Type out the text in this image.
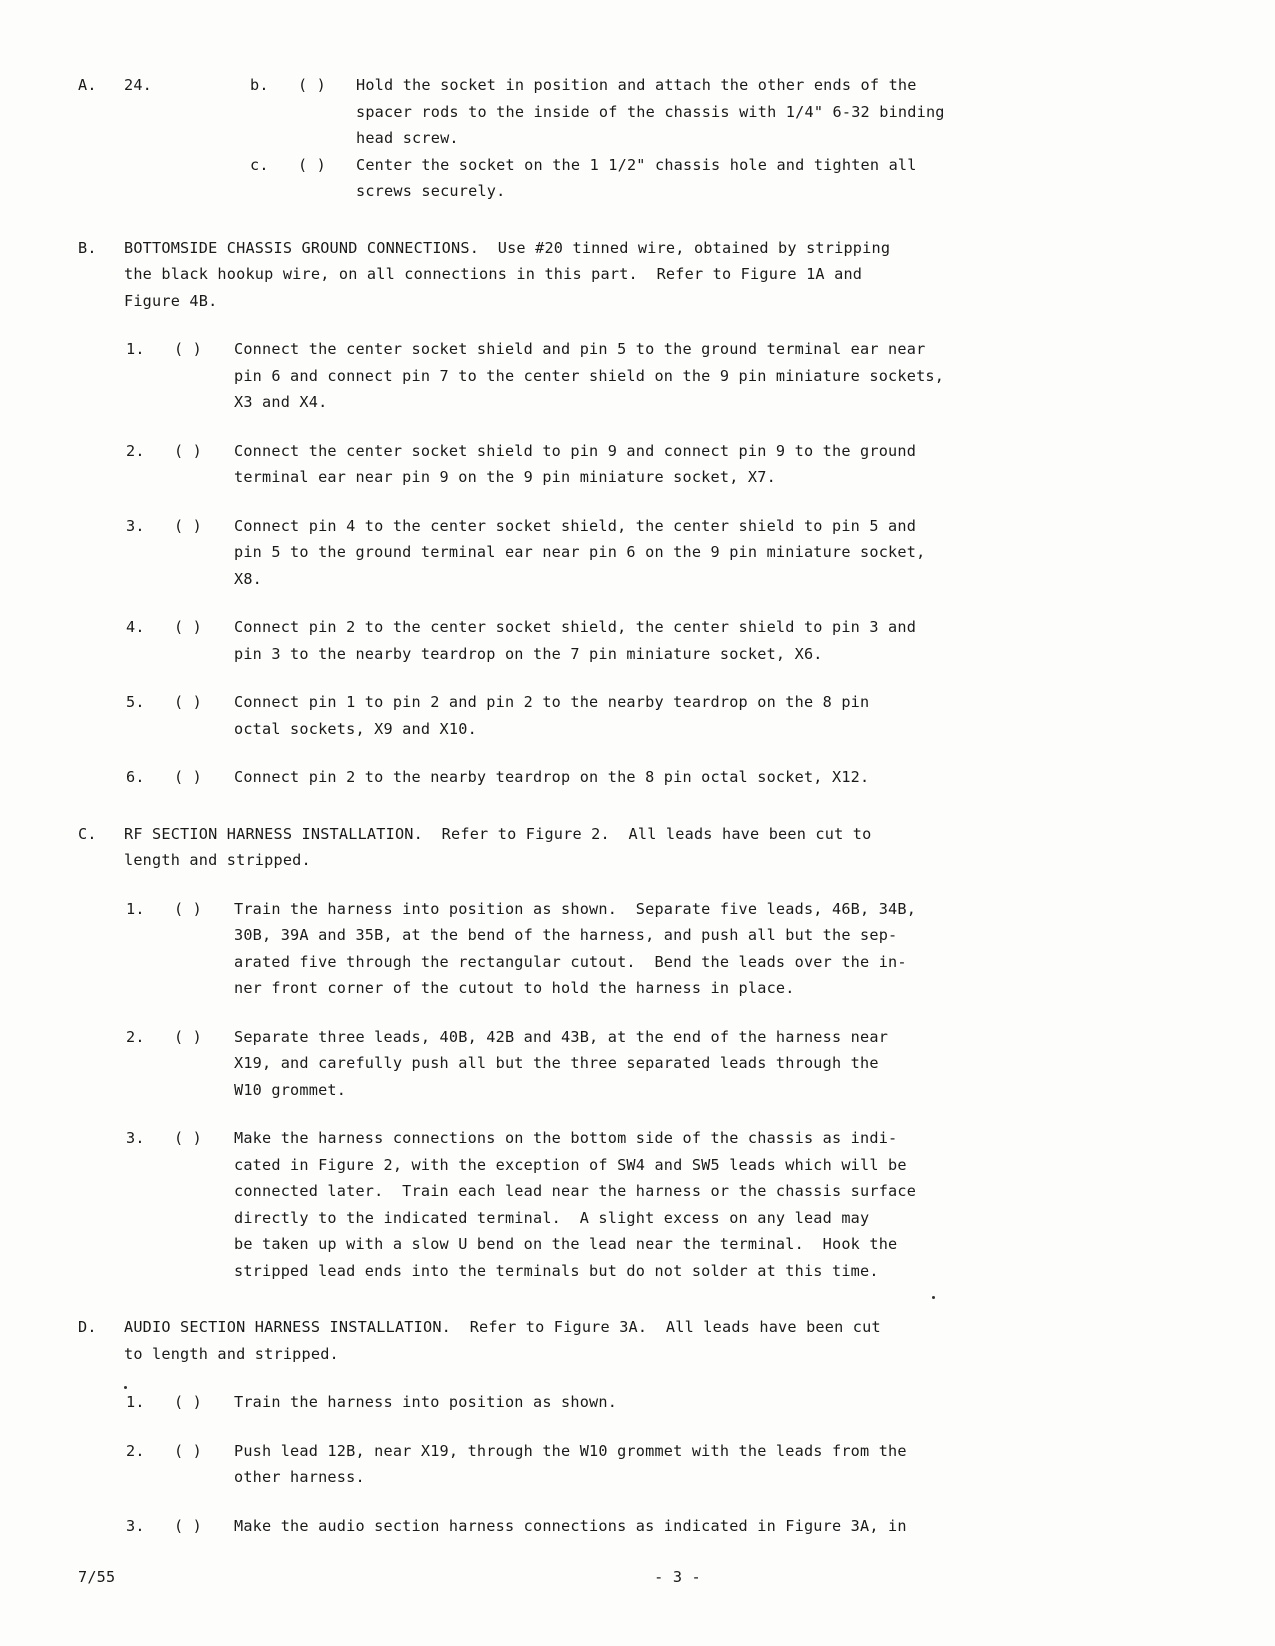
A.	24.	b.	( )	Hold the socket in position and attach the other ends of the
spacer rods to the inside of the chassis with 1/4" 6-32 binding
head screw.
c.	( )	Center the socket on the 1 1/2" chassis hole and tighten all
screws securely.
B.	BOTTOMSIDE CHASSIS GROUND CONNECTIONS.  Use #20 tinned wire, obtained by stripping
the black hookup wire, on all connections in this part.  Refer to Figure 1A and
Figure 4B.
1.	( )	Connect the center socket shield and pin 5 to the ground terminal ear near
pin 6 and connect pin 7 to the center shield on the 9 pin miniature sockets,
X3 and X4.
2.	( )	Connect the center socket shield to pin 9 and connect pin 9 to the ground
terminal ear near pin 9 on the 9 pin miniature socket, X7.
3.	( )	Connect pin 4 to the center socket shield, the center shield to pin 5 and
pin 5 to the ground terminal ear near pin 6 on the 9 pin miniature socket,
X8.
4.	( )	Connect pin 2 to the center socket shield, the center shield to pin 3 and
pin 3 to the nearby teardrop on the 7 pin miniature socket, X6.
5.	( )	Connect pin 1 to pin 2 and pin 2 to the nearby teardrop on the 8 pin
octal sockets, X9 and X10.
6.	( )	Connect pin 2 to the nearby teardrop on the 8 pin octal socket, X12.
C.	RF SECTION HARNESS INSTALLATION.  Refer to Figure 2.  All leads have been cut to
length and stripped.
1.	( )	Train the harness into position as shown.  Separate five leads, 46B, 34B,
30B, 39A and 35B, at the bend of the harness, and push all but the sep-
arated five through the rectangular cutout.  Bend the leads over the in-
ner front corner of the cutout to hold the harness in place.
2.	( )	Separate three leads, 40B, 42B and 43B, at the end of the harness near
X19, and carefully push all but the three separated leads through the
W10 grommet.
3.	( )	Make the harness connections on the bottom side of the chassis as indi-
cated in Figure 2, with the exception of SW4 and SW5 leads which will be
connected later.  Train each lead near the harness or the chassis surface
directly to the indicated terminal.  A slight excess on any lead may
be taken up with a slow U bend on the lead near the terminal.  Hook the
stripped lead ends into the terminals but do not solder at this time.
D.	AUDIO SECTION HARNESS INSTALLATION.  Refer to Figure 3A.  All leads have been cut
to length and stripped.
1.	( )	Train the harness into position as shown.
2.	( )	Push lead 12B, near X19, through the W10 grommet with the leads from the
other harness.
3.	( )	Make the audio section harness connections as indicated in Figure 3A, in
7/55	- 3 -
